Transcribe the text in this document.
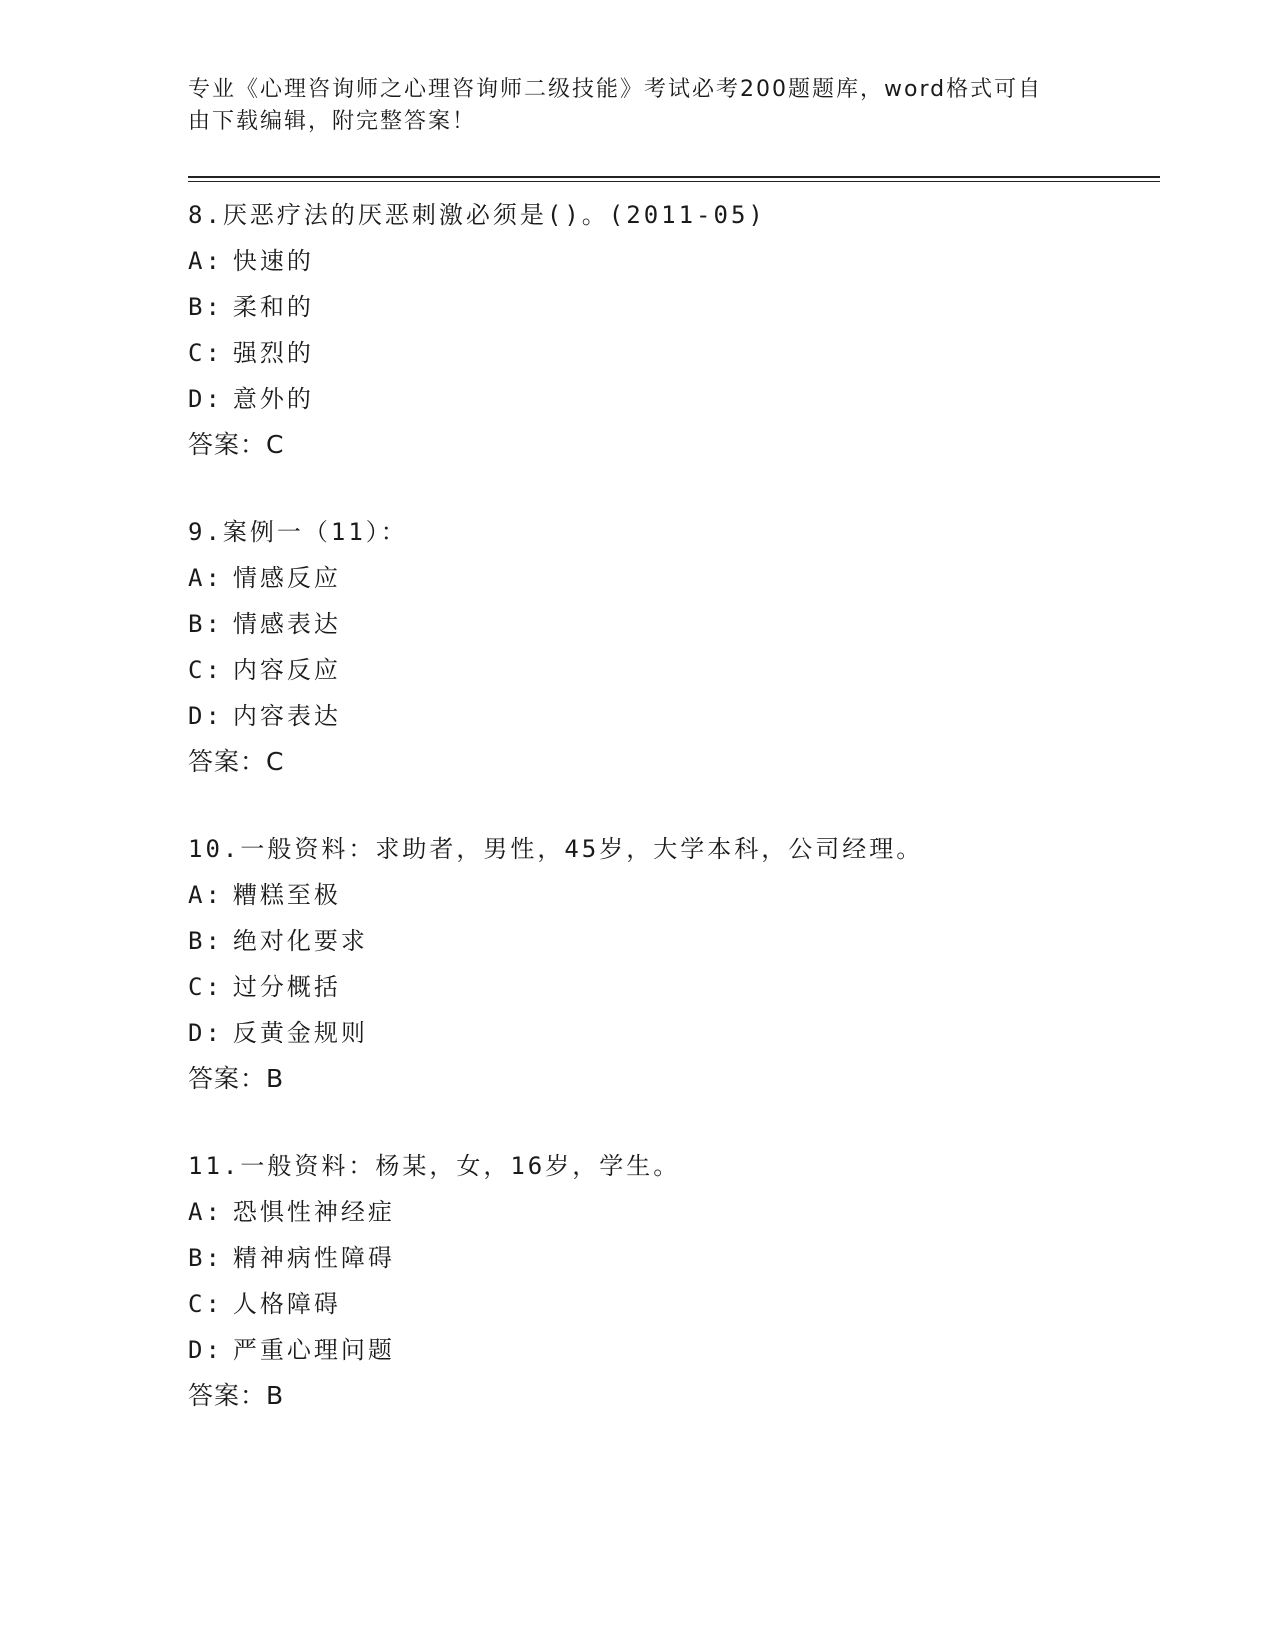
专业《心理咨询师之心理咨询师二级技能》考试必考200题题库，word格式可自
由下载编辑，附完整答案！
8.厌恶疗法的厌恶刺激必须是()。(2011-05)
A: 快速的
B: 柔和的
C: 强烈的
D: 意外的
答案：C
9.案例一（11）：
A: 情感反应
B: 情感表达
C: 内容反应
D: 内容表达
答案：C
10.一般资料：求助者，男性，45岁，大学本科，公司经理。
A: 糟糕至极
B: 绝对化要求
C: 过分概括
D: 反黄金规则
答案：B
11.一般资料：杨某，女，16岁，学生。
A: 恐惧性神经症
B: 精神病性障碍
C: 人格障碍
D: 严重心理问题
答案：B
